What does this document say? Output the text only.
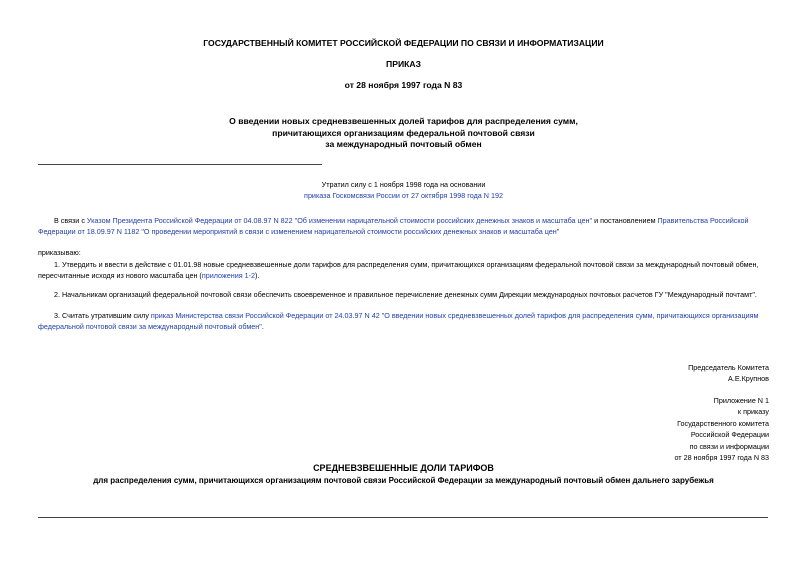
ГОСУДАРСТВЕННЫЙ КОМИТЕТ РОССИЙСКОЙ ФЕДЕРАЦИИ ПО СВЯЗИ И ИНФОРМАТИЗАЦИИ
ПРИКАЗ
от 28 ноября 1997 года N 83
О введении новых средневзвешенных долей тарифов для распределения сумм,
причитающихся организациям федеральной почтовой связи
за международный почтовый обмен
Утратил силу с 1 ноября 1998 года на основании
приказа Госкомсвязи России от 27 октября 1998 года N 192
В связи с Указом Президента Российской Федерации от 04.08.97 N 822 "Об изменении нарицательной стоимости российских денежных знаков и масштаба цен" и постановлением Правительства Российской Федерации от 18.09.97 N 1182 "О проведении мероприятий в связи с изменением нарицательной стоимости российских денежных знаков и масштаба цен"
приказываю:
1. Утвердить и ввести в действие с 01.01.98 новые средневзвешенные доли тарифов для распределения сумм, причитающихся организациям федеральной почтовой связи за международный почтовый обмен, пересчитанные исходя из нового масштаба цен (приложения 1-2).
2. Начальникам организаций федеральной почтовой связи обеспечить своевременное и правильное перечисление денежных сумм Дирекции международных почтовых расчетов ГУ "Международный почтамт".
3. Считать утратившим силу приказ Министерства связи Российской Федерации от 24.03.97 N 42 "О введении новых средневзвешенных долей тарифов для распределения сумм, причитающихся организациям федеральной почтовой связи за международный почтовый обмен".
Председатель Комитета
А.Е.Крупнов
Приложение N 1
к приказу
Государственного комитета
Российской Федерации
по связи и информации
от 28 ноября 1997 года N 83
СРЕДНЕВЗВЕШЕННЫЕ ДОЛИ ТАРИФОВ
для распределения сумм, причитающихся организациям почтовой связи Российской Федерации за международный почтовый обмен дальнего зарубежья
